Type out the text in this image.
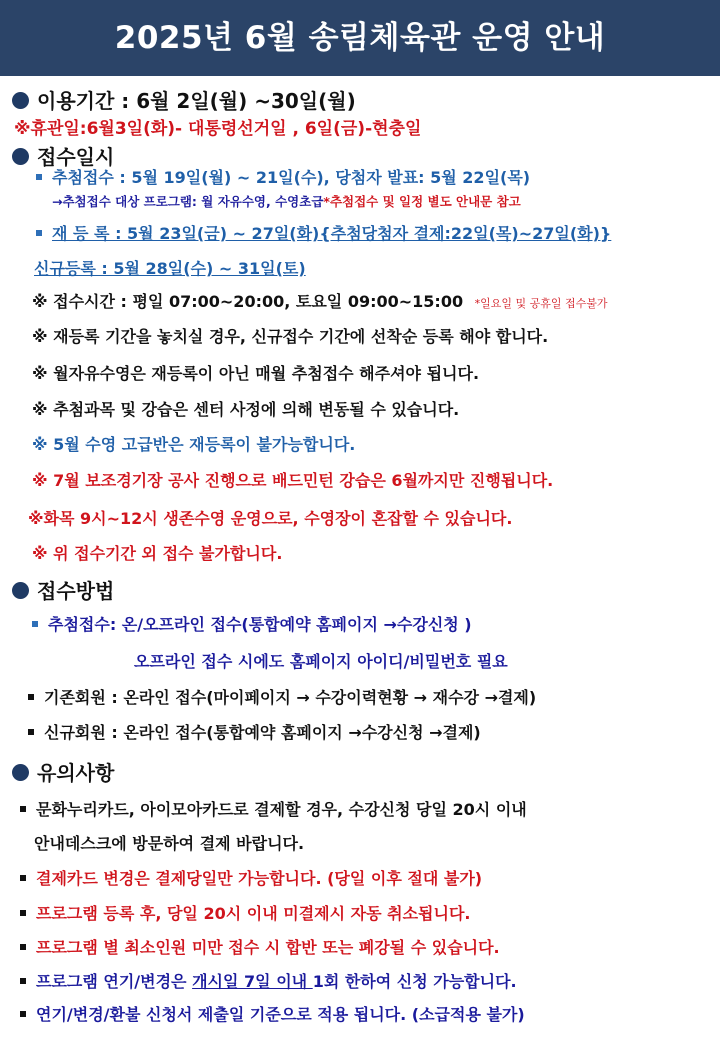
2025년 6월 송림체육관 운영 안내
이용기간 : 6월 2일(월) ~30일(월)
※휴관일:6월3일(화)- 대통령선거일 , 6일(금)-현충일
접수일시
추첨접수 : 5월 19일(월) ~ 21일(수), 당첨자 발표: 5월 22일(목)
→추첨접수 대상 프로그램: 월 자유수영, 수영초급*추첨접수 및 일정 별도 안내문 참고
재 등 록 : 5월 23일(금) ~ 27일(화){추첨당첨자 결제:22일(목)~27일(화)}
신규등록 : 5월 28일(수) ~ 31일(토)
※ 접수시간 : 평일 07:00~20:00, 토요일 09:00~15:00 *일요일 및 공휴일 접수불가
※ 재등록 기간을 놓치실 경우, 신규접수 기간에 선착순 등록 해야 합니다.
※ 월자유수영은 재등록이 아닌 매월 추첨접수 해주셔야 됩니다.
※ 추첨과목 및 강습은 센터 사정에 의해 변동될 수 있습니다.
※ 5월 수영 고급반은 재등록이 불가능합니다.
※ 7월 보조경기장 공사 진행으로 배드민턴 강습은 6월까지만 진행됩니다.
※화목 9시~12시 생존수영 운영으로, 수영장이 혼잡할 수 있습니다.
※ 위 접수기간 외 접수 불가합니다.
접수방법
추첨접수: 온/오프라인 접수(통합예약 홈페이지 →수강신청 )
오프라인 접수 시에도 홈페이지 아이디/비밀번호 필요
기존회원 : 온라인 접수(마이페이지 → 수강이력현황 → 재수강 →결제)
신규회원 : 온라인 접수(통합예약 홈페이지 →수강신청 →결제)
유의사항
문화누리카드, 아이모아카드로 결제할 경우, 수강신청 당일 20시 이내
안내데스크에 방문하여 결제 바랍니다.
결제카드 변경은 결제당일만 가능합니다. (당일 이후 절대 불가)
프로그램 등록 후, 당일 20시 이내 미결제시 자동 취소됩니다.
프로그램 별 최소인원 미만 접수 시 합반 또는 폐강될 수 있습니다.
프로그램 연기/변경은 개시일 7일 이내 1회 한하여 신청 가능합니다.
연기/변경/환불 신청서 제출일 기준으로 적용 됩니다. (소급적용 불가)
